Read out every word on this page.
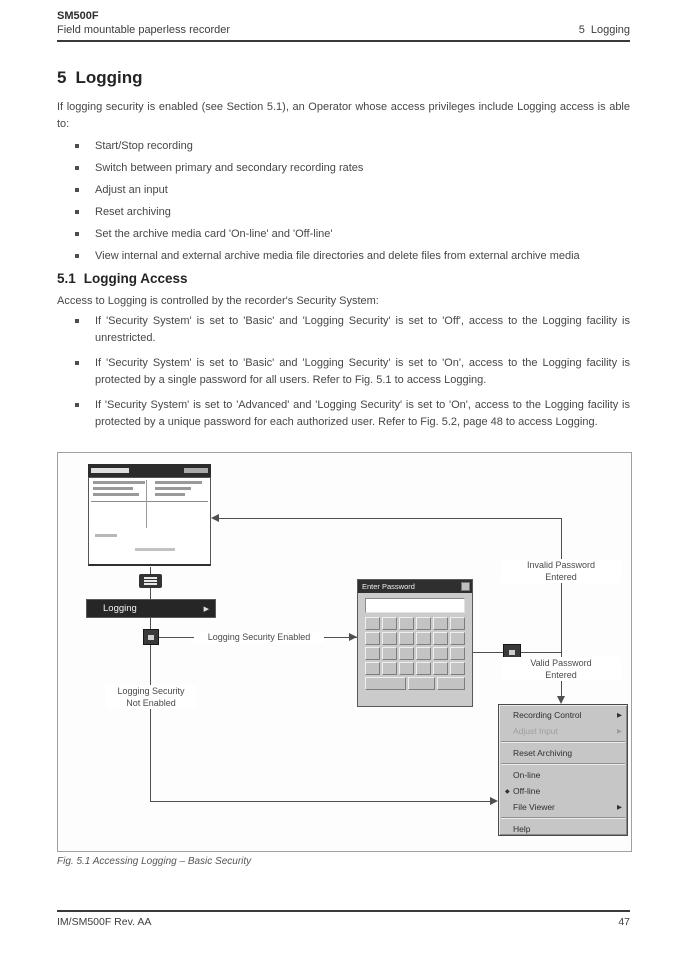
SM500F
Field mountable paperless recorder	5 Logging
5 Logging
If logging security is enabled (see Section 5.1), an Operator whose access privileges include Logging access is able to:
Start/Stop recording
Switch between primary and secondary recording rates
Adjust an input
Reset archiving
Set the archive media card 'On-line' and 'Off-line'
View internal and external archive media file directories and delete files from external archive media
5.1 Logging Access
Access to Logging is controlled by the recorder's Security System:
If 'Security System' is set to 'Basic' and 'Logging Security' is set to 'Off', access to the Logging facility is unrestricted.
If 'Security System' is set to 'Basic' and 'Logging Security' is set to 'On', access to the Logging facility is protected by a single password for all users. Refer to Fig. 5.1 to access Logging.
If 'Security System' is set to 'Advanced' and 'Logging Security' is set to 'On', access to the Logging facility is protected by a unique password for each authorized user. Refer to Fig. 5.2, page 48 to access Logging.
Logging	▶
Logging Security Enabled
Logging Security
Not Enabled
Enter Password
Invalid Password
Entered
Valid Password
Entered
Recording Control	▶
Adjust Input	▶
Reset Archiving
On-line
◆ Off-line
File Viewer	▶
Help
Fig. 5.1 Accessing Logging – Basic Security
IM/SM500F Rev. AA	47
